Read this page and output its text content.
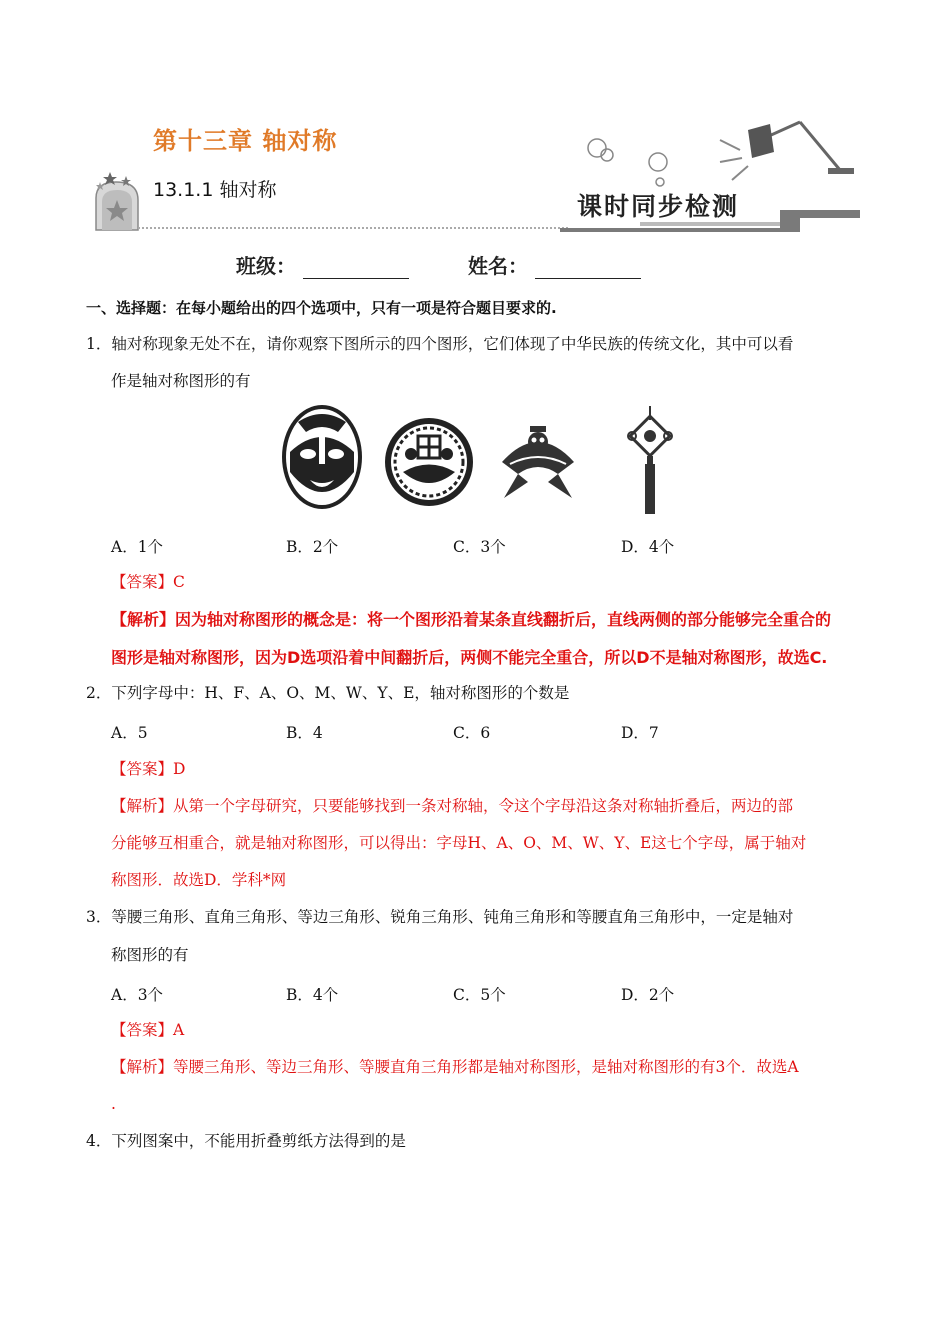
第十三章 轴对称
13.1.1 轴对称
课时同步检测
班级：	姓名：
一、选择题：在每小题给出的四个选项中，只有一项是符合题目要求的.
1．轴对称现象无处不在，请你观察下图所示的四个图形，它们体现了中华民族的传统文化，其中可以看
作是轴对称图形的有
A．1个	B．2个	C．3个	D．4个
【答案】C
【解析】因为轴对称图形的概念是：将一个图形沿着某条直线翻折后，直线两侧的部分能够完全重合的
图形是轴对称图形，因为D选项沿着中间翻折后，两侧不能完全重合，所以D不是轴对称图形，故选C.
2．下列字母中：H、F、A、O、M、W、Y、E，轴对称图形的个数是
A．5	B．4	C．6	D．7
【答案】D
【解析】从第一个字母研究，只要能够找到一条对称轴，令这个字母沿这条对称轴折叠后，两边的部
分能够互相重合，就是轴对称图形，可以得出：字母H、A、O、M、W、Y、E这七个字母，属于轴对
称图形．故选D．学科*网
3．等腰三角形、直角三角形、等边三角形、锐角三角形、钝角三角形和等腰直角三角形中，一定是轴对
称图形的有
A．3个	B．4个	C．5个	D．2个
【答案】A
【解析】等腰三角形、等边三角形、等腰直角三角形都是轴对称图形，是轴对称图形的有3个．故选A
.
4．下列图案中，不能用折叠剪纸方法得到的是
